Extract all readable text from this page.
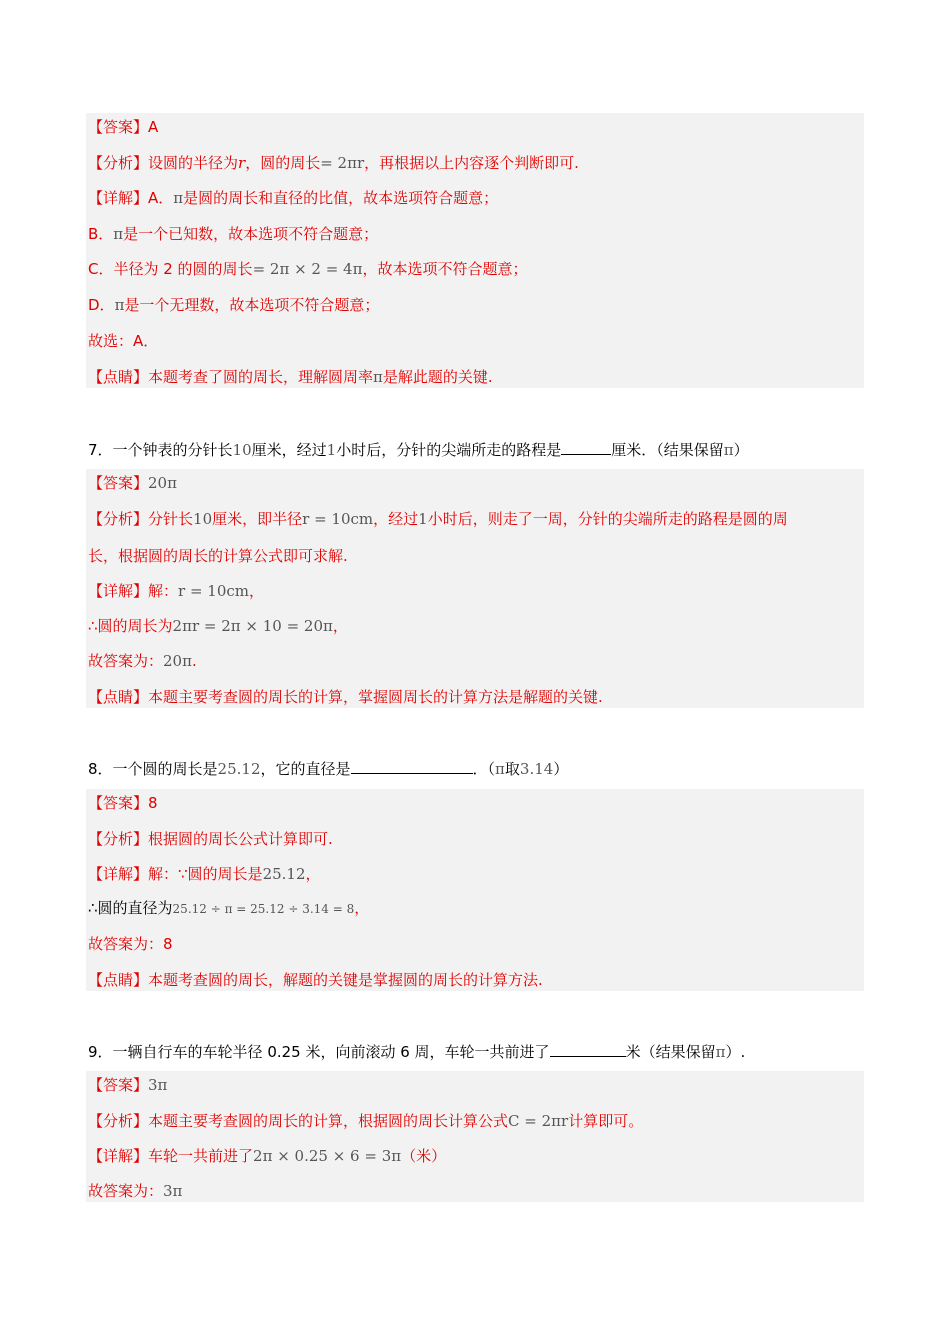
【答案】A
【分析】设圆的半径为r，圆的周长= 2πr，再根据以上内容逐个判断即可.
【详解】A．π是圆的周长和直径的比值，故本选项符合题意；
B．π是一个已知数，故本选项不符合题意；
C．半径为 2 的圆的周长= 2π × 2 = 4π，故本选项不符合题意；
D．π是一个无理数，故本选项不符合题意；
故选：A．
【点睛】本题考查了圆的周长，理解圆周率π是解此题的关键.
7．一个钟表的分针长10厘米，经过1小时后，分针的尖端所走的路程是	厘米．（结果保留π）
【答案】20π
【分析】分针长10厘米，即半径r = 10cm，经过1小时后，则走了一周，分针的尖端所走的路程是圆的周
长，根据圆的周长的计算公式即可求解.
【详解】解：r = 10cm，
∴圆的周长为2πr = 2π × 10 = 20π，
故答案为：20π.
【点睛】本题主要考查圆的周长的计算，掌握圆周长的计算方法是解题的关键.
8．一个圆的周长是25.12，它的直径是	．（π取3.14）
【答案】8
【分析】根据圆的周长公式计算即可.
【详解】解：∵圆的周长是25.12，
∴圆的直径为25.12 ÷ π = 25.12 ÷ 3.14 = 8，
故答案为：8
【点睛】本题考查圆的周长，解题的关键是掌握圆的周长的计算方法.
9．一辆自行车的车轮半径 0.25 米，向前滚动 6 周，车轮一共前进了	米（结果保留π）.
【答案】3π
【分析】本题主要考查圆的周长的计算，根据圆的周长计算公式C = 2πr计算即可。
【详解】车轮一共前进了2π × 0.25 × 6 = 3π（米）
故答案为：3π
